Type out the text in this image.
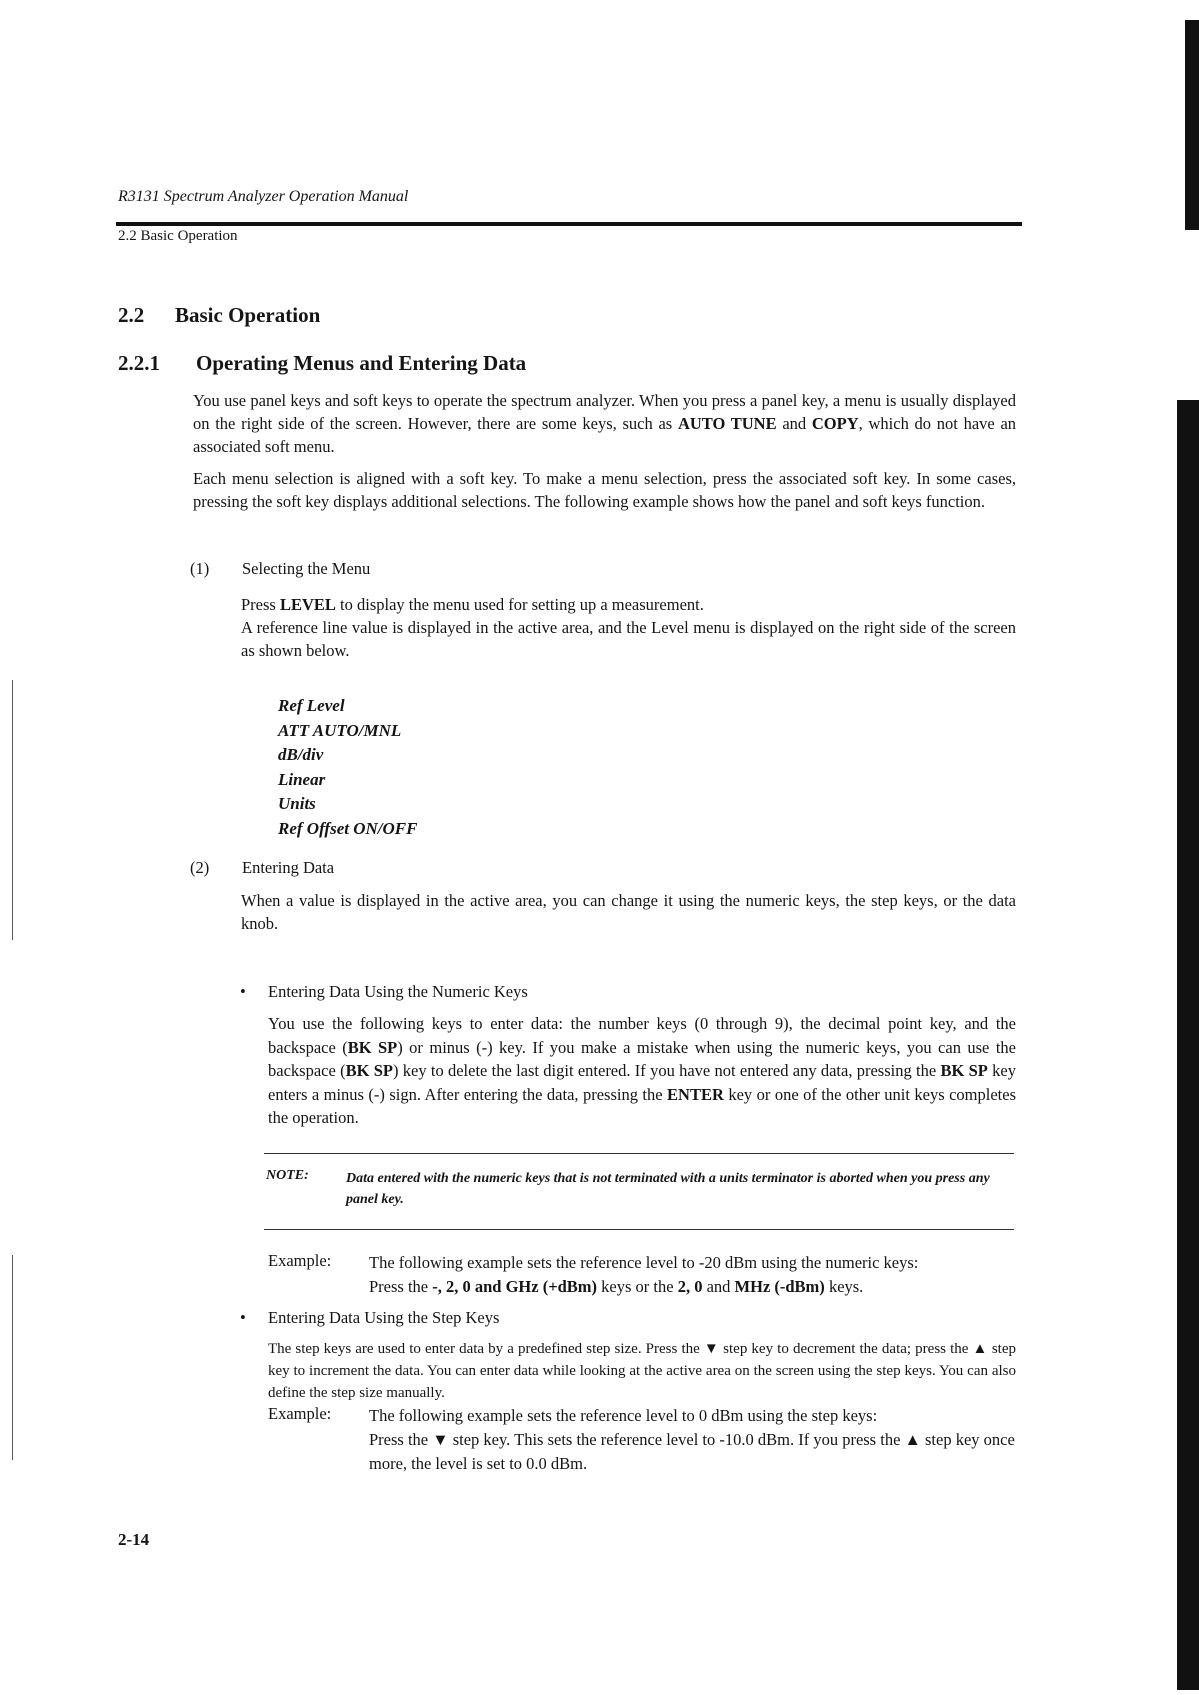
R3131 Spectrum Analyzer Operation Manual
2.2 Basic Operation
2.2 Basic Operation
2.2.1 Operating Menus and Entering Data
You use panel keys and soft keys to operate the spectrum analyzer. When you press a panel key, a menu is usually displayed on the right side of the screen. However, there are some keys, such as AUTO TUNE and COPY, which do not have an associated soft menu.
Each menu selection is aligned with a soft key. To make a menu selection, press the associated soft key. In some cases, pressing the soft key displays additional selections. The following example shows how the panel and soft keys function.
(1) Selecting the Menu
Press LEVEL to display the menu used for setting up a measurement.
A reference line value is displayed in the active area, and the Level menu is displayed on the right side of the screen as shown below.
Ref Level
ATT AUTO/MNL
dB/div
Linear
Units
Ref Offset ON/OFF
(2) Entering Data
When a value is displayed in the active area, you can change it using the numeric keys, the step keys, or the data knob.
• Entering Data Using the Numeric Keys
You use the following keys to enter data: the number keys (0 through 9), the decimal point key, and the backspace (BK SP) or minus (-) key. If you make a mistake when using the numeric keys, you can use the backspace (BK SP) key to delete the last digit entered. If you have not entered any data, pressing the BK SP key enters a minus (-) sign. After entering the data, pressing the ENTER key or one of the other unit keys completes the operation.
NOTE:	Data entered with the numeric keys that is not terminated with a units terminator is aborted when you press any panel key.
Example: The following example sets the reference level to -20 dBm using the numeric keys:
Press the -, 2, 0 and GHz (+dBm) keys or the 2, 0 and MHz (-dBm) keys.
• Entering Data Using the Step Keys
The step keys are used to enter data by a predefined step size. Press the ▼ step key to decrement the data; press the ▲ step key to increment the data. You can enter data while looking at the active area on the screen using the step keys. You can also define the step size manually.
Example: The following example sets the reference level to 0 dBm using the step keys:
Press the ▼ step key. This sets the reference level to -10.0 dBm. If you press the ▲ step key once more, the level is set to 0.0 dBm.
2-14
